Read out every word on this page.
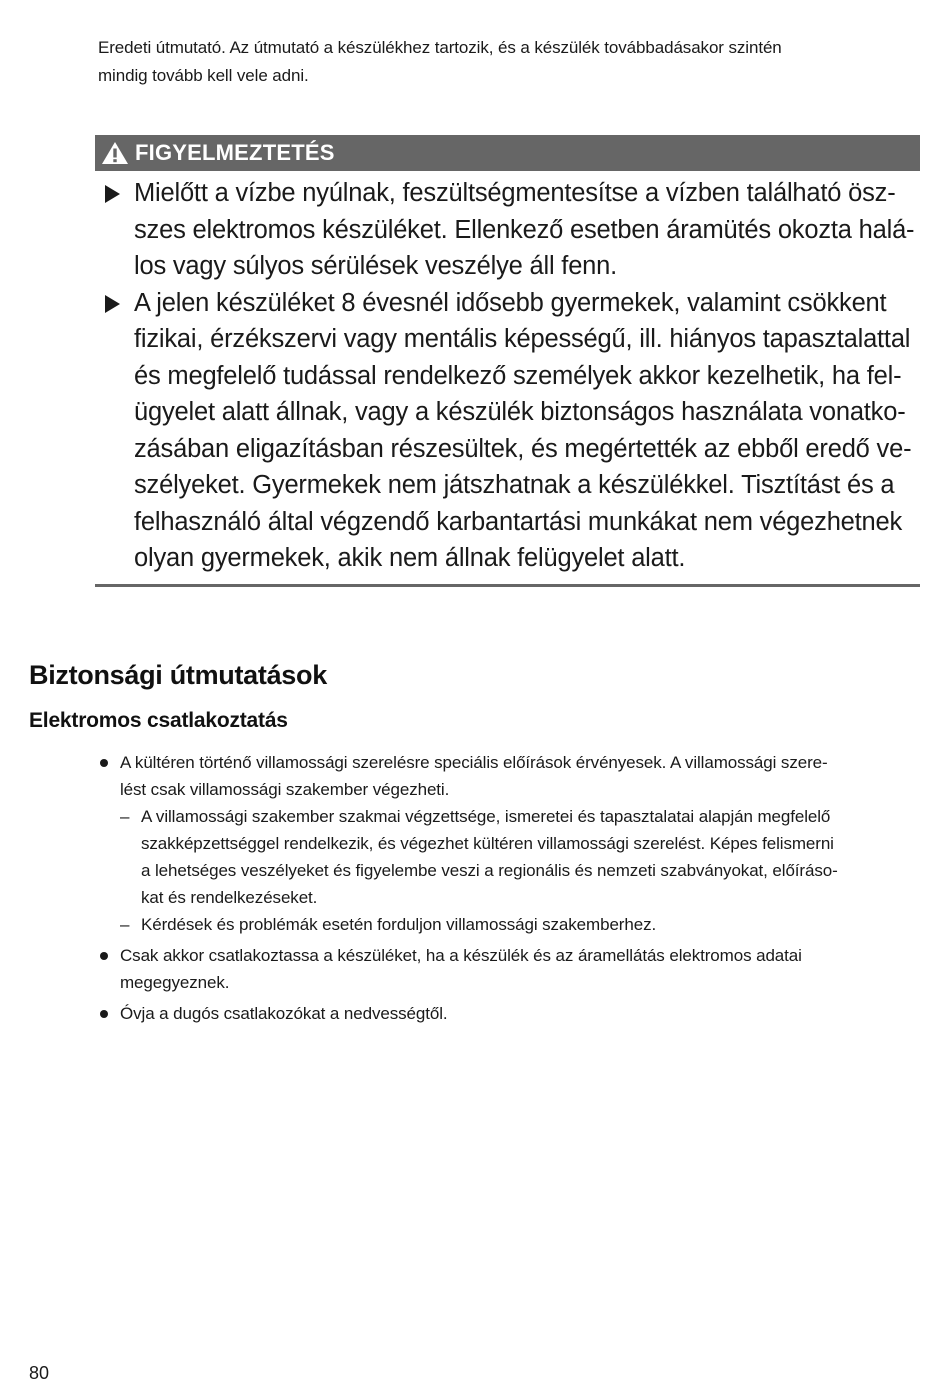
Eredeti útmutató. Az útmutató a készülékhez tartozik, és a készülék továbbadásakor szintén
mindig tovább kell vele adni.
FIGYELMEZTETÉS
Mielőtt a vízbe nyúlnak, feszültségmentesítse a vízben található ösz-
szes elektromos készüléket. Ellenkező esetben áramütés okozta halá-
los vagy súlyos sérülések veszélye áll fenn.
A jelen készüléket 8 évesnél idősebb gyermekek, valamint csökkent
fizikai, érzékszervi vagy mentális képességű, ill. hiányos tapasztalattal
és megfelelő tudással rendelkező személyek akkor kezelhetik, ha fel-
ügyelet alatt állnak, vagy a készülék biztonságos használata vonatko-
zásában eligazításban részesültek, és megértették az ebből eredő ve-
szélyeket. Gyermekek nem játszhatnak a készülékkel. Tisztítást és a
felhasználó által végzendő karbantartási munkákat nem végezhetnek
olyan gyermekek, akik nem állnak felügyelet alatt.
Biztonsági útmutatások
Elektromos csatlakoztatás
A kültéren történő villamossági szerelésre speciális előírások érvényesek. A villamossági szere-
lést csak villamossági szakember végezheti.
– A villamossági szakember szakmai végzettsége, ismeretei és tapasztalatai alapján megfelelő
szakképzettséggel rendelkezik, és végezhet kültéren villamossági szerelést. Képes felismerni
a lehetséges veszélyeket és figyelembe veszi a regionális és nemzeti szabványokat, előíráso-
kat és rendelkezéseket.
– Kérdések és problémák esetén forduljon villamossági szakemberhez.
Csak akkor csatlakoztassa a készüléket, ha a készülék és az áramellátás elektromos adatai
megegyeznek.
Óvja a dugós csatlakozókat a nedvességtől.
80
